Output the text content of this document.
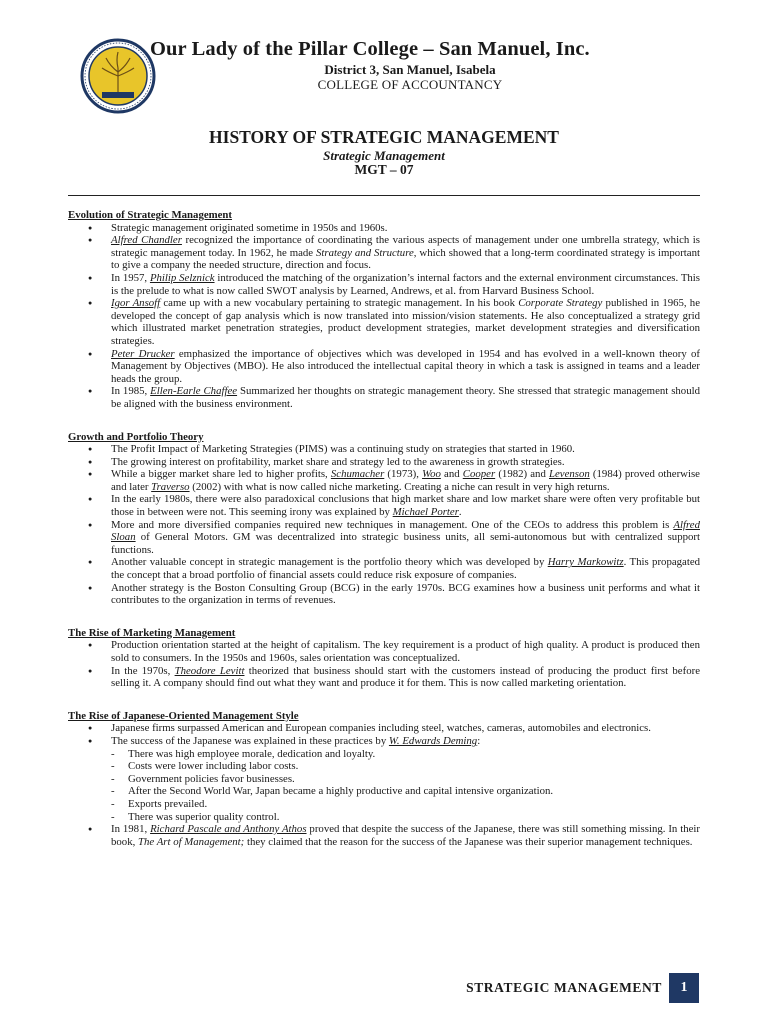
Our Lady of the Pillar College – San Manuel, Inc.
District 3, San Manuel, Isabela
COLLEGE OF ACCOUNTANCY
HISTORY OF STRATEGIC MANAGEMENT
Strategic Management
MGT – 07
Evolution of Strategic Management
● Strategic management originated sometime in 1950s and 1960s.
● Alfred Chandler recognized the importance of coordinating the various aspects of management under one umbrella strategy, which is strategic management today. In 1962, he made Strategy and Structure, which showed that a long-term coordinated strategy is important to give a company the needed structure, direction and focus.
● In 1957, Philip Selznick introduced the matching of the organization’s internal factors and the external environment circumstances. This is the prelude to what is now called SWOT analysis by Learned, Andrews, et al. from Harvard Business School.
● Igor Ansoff came up with a new vocabulary pertaining to strategic management. In his book Corporate Strategy published in 1965, he developed the concept of gap analysis which is now translated into mission/vision statements. He also conceptualized a strategy grid which illustrated market penetration strategies, product development strategies, market development strategies and diversification strategies.
● Peter Drucker emphasized the importance of objectives which was developed in 1954 and has evolved in a well-known theory of Management by Objectives (MBO). He also introduced the intellectual capital theory in which a task is assigned in teams and a leader heads the group.
● In 1985, Ellen-Earle Chaffee Summarized her thoughts on strategic management theory. She stressed that strategic management should be aligned with the business environment.
Growth and Portfolio Theory
● The Profit Impact of Marketing Strategies (PIMS) was a continuing study on strategies that started in 1960.
● The growing interest on profitability, market share and strategy led to the awareness in growth strategies.
● While a bigger market share led to higher profits, Schumacher (1973), Woo and Cooper (1982) and Levenson (1984) proved otherwise and later Traverso (2002) with what is now called niche marketing. Creating a niche can result in very high returns.
● In the early 1980s, there were also paradoxical conclusions that high market share and low market share were often very profitable but those in between were not. This seeming irony was explained by Michael Porter.
● More and more diversified companies required new techniques in management. One of the CEOs to address this problem is Alfred Sloan of General Motors. GM was decentralized into strategic business units, all semi-autonomous but with centralized support functions.
● Another valuable concept in strategic management is the portfolio theory which was developed by Harry Markowitz. This propagated the concept that a broad portfolio of financial assets could reduce risk exposure of companies.
● Another strategy is the Boston Consulting Group (BCG) in the early 1970s. BCG examines how a business unit performs and what it contributes to the organization in terms of revenues.
The Rise of Marketing Management
● Production orientation started at the height of capitalism. The key requirement is a product of high quality. A product is produced then sold to consumers. In the 1950s and 1960s, sales orientation was conceptualized.
● In the 1970s, Theodore Levitt theorized that business should start with the customers instead of producing the product first before selling it. A company should find out what they want and produce it for them. This is now called marketing orientation.
The Rise of Japanese-Oriented Management Style
● Japanese firms surpassed American and European companies including steel, watches, cameras, automobiles and electronics.
● The success of the Japanese was explained in these practices by W. Edwards Deming:
- There was high employee morale, dedication and loyalty.
- Costs were lower including labor costs.
- Government policies favor businesses.
- After the Second World War, Japan became a highly productive and capital intensive organization.
- Exports prevailed.
- There was superior quality control.
● In 1981, Richard Pascale and Anthony Athos proved that despite the success of the Japanese, there was still something missing. In their book, The Art of Management; they claimed that the reason for the success of the Japanese was their superior management techniques.
STRATEGIC MANAGEMENT	1
